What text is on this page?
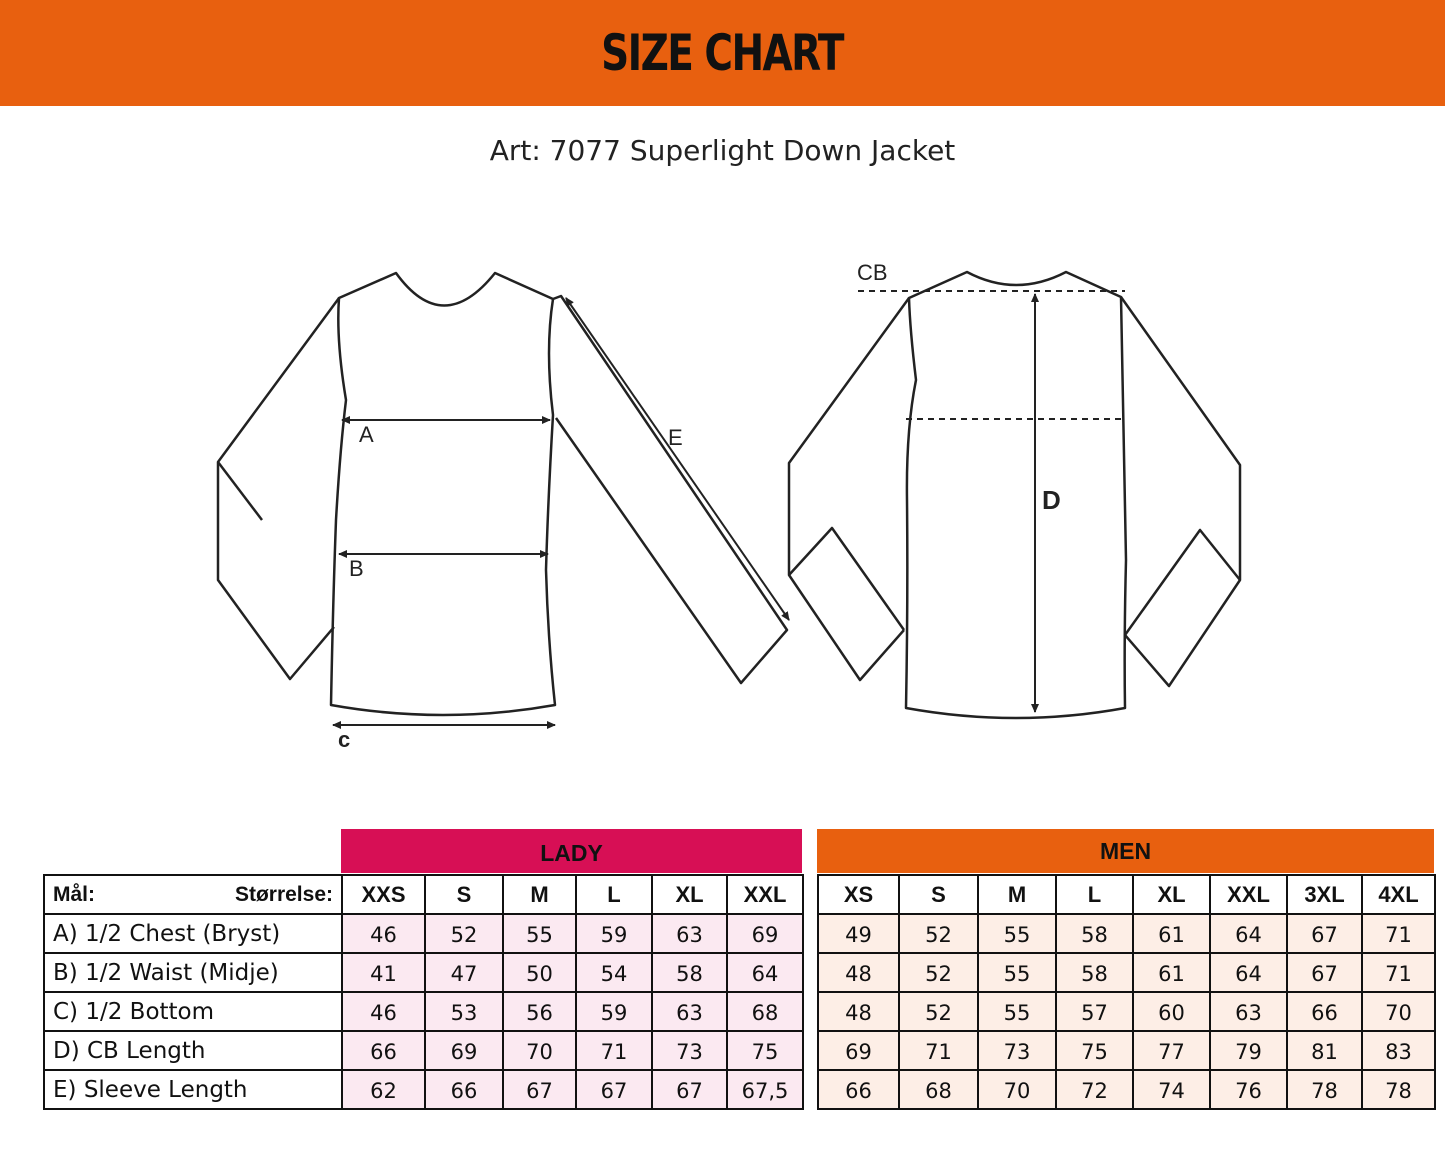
SIZE CHART
Art: 7077 Superlight Down Jacket
A
B
c
E
CB
D
LADY	MEN
Mål: Størrelse:	XXS	S	M	L	XL	XXL
A) 1/2 Chest (Bryst)	46	52	55	59	63	69
B) 1/2 Waist (Midje)	41	47	50	54	58	64
C) 1/2 Bottom	46	53	56	59	63	68
D) CB Length	66	69	70	71	73	75
E) Sleeve Length	62	66	67	67	67	67,5
XS	S	M	L	XL	XXL	3XL	4XL
49	52	55	58	61	64	67	71
48	52	55	58	61	64	67	71
48	52	55	57	60	63	66	70
69	71	73	75	77	79	81	83
66	68	70	72	74	76	78	78
